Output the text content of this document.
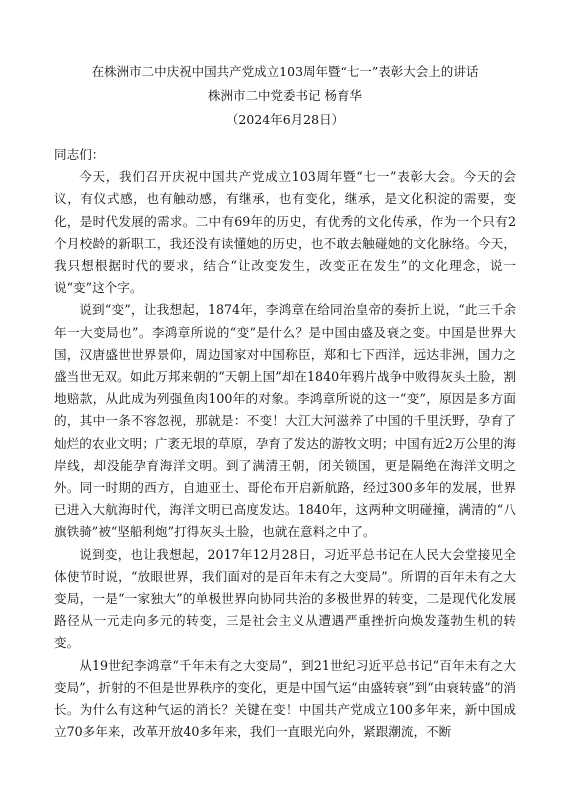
在株洲市二中庆祝中国共产党成立103周年暨“七一”表彰大会上的讲话
株洲市二中党委书记 杨育华
（2024年6月28日）

同志们：

今天，我们召开庆祝中国共产党成立103周年暨“七一”表彰大会。今天的会议，有仪式感，也有触动感，有继承，也有变化，继承，是文化积淀的需要，变化，是时代发展的需求。二中有69年的历史，有优秀的文化传承，作为一个只有2个月校龄的新职工，我还没有读懂她的历史，也不敢去触碰她的文化脉络。今天，我只想根据时代的要求，结合“让改变发生，改变正在发生”的文化理念，说一说“变”这个字。

说到“变”，让我想起，1874年，李鸿章在给同治皇帝的奏折上说，“此三千余年一大变局也”。李鸿章所说的“变”是什么？是中国由盛及衰之变。中国是世界大国，汉唐盛世世界景仰，周边国家对中国称臣，郑和七下西洋，远达非洲，国力之盛当世无双。如此万邦来朝的“天朝上国”却在1840年鸦片战争中败得灰头土脸，割地赔款，从此成为列强鱼肉100年的对象。李鸿章所说的这一“变”，原因是多方面的，其中一条不容忽视，那就是：不变！大江大河滋养了中国的千里沃野，孕育了灿烂的农业文明；广袤无垠的草原，孕育了发达的游牧文明；中国有近2万公里的海岸线，却没能孕育海洋文明。到了满清王朝，闭关锁国，更是隔绝在海洋文明之外。同一时期的西方，自迪亚士、哥伦布开启新航路，经过300多年的发展，世界已进入大航海时代，海洋文明已高度发达。1840年，这两种文明碰撞，满清的“八旗铁骑”被“坚船利炮”打得灰头土脸，也就在意料之中了。

说到变，也让我想起，2017年12月28日，习近平总书记在人民大会堂接见全体使节时说，“放眼世界，我们面对的是百年未有之大变局”。所谓的百年未有之大变局，一是“一家独大”的单极世界向协同共治的多极世界的转变，二是现代化发展路径从一元走向多元的转变，三是社会主义从遭遇严重挫折向焕发蓬勃生机的转变。

从19世纪李鸿章“千年未有之大变局”，到21世纪习近平总书记“百年未有之大变局”，折射的不但是世界秩序的变化，更是中国气运“由盛转衰”到“由衰转盛”的消长。为什么有这种气运的消长？关键在变！中国共产党成立100多年来，新中国成立70多年来，改革开放40多年来，我们一直眼光向外，紧跟潮流，不断
